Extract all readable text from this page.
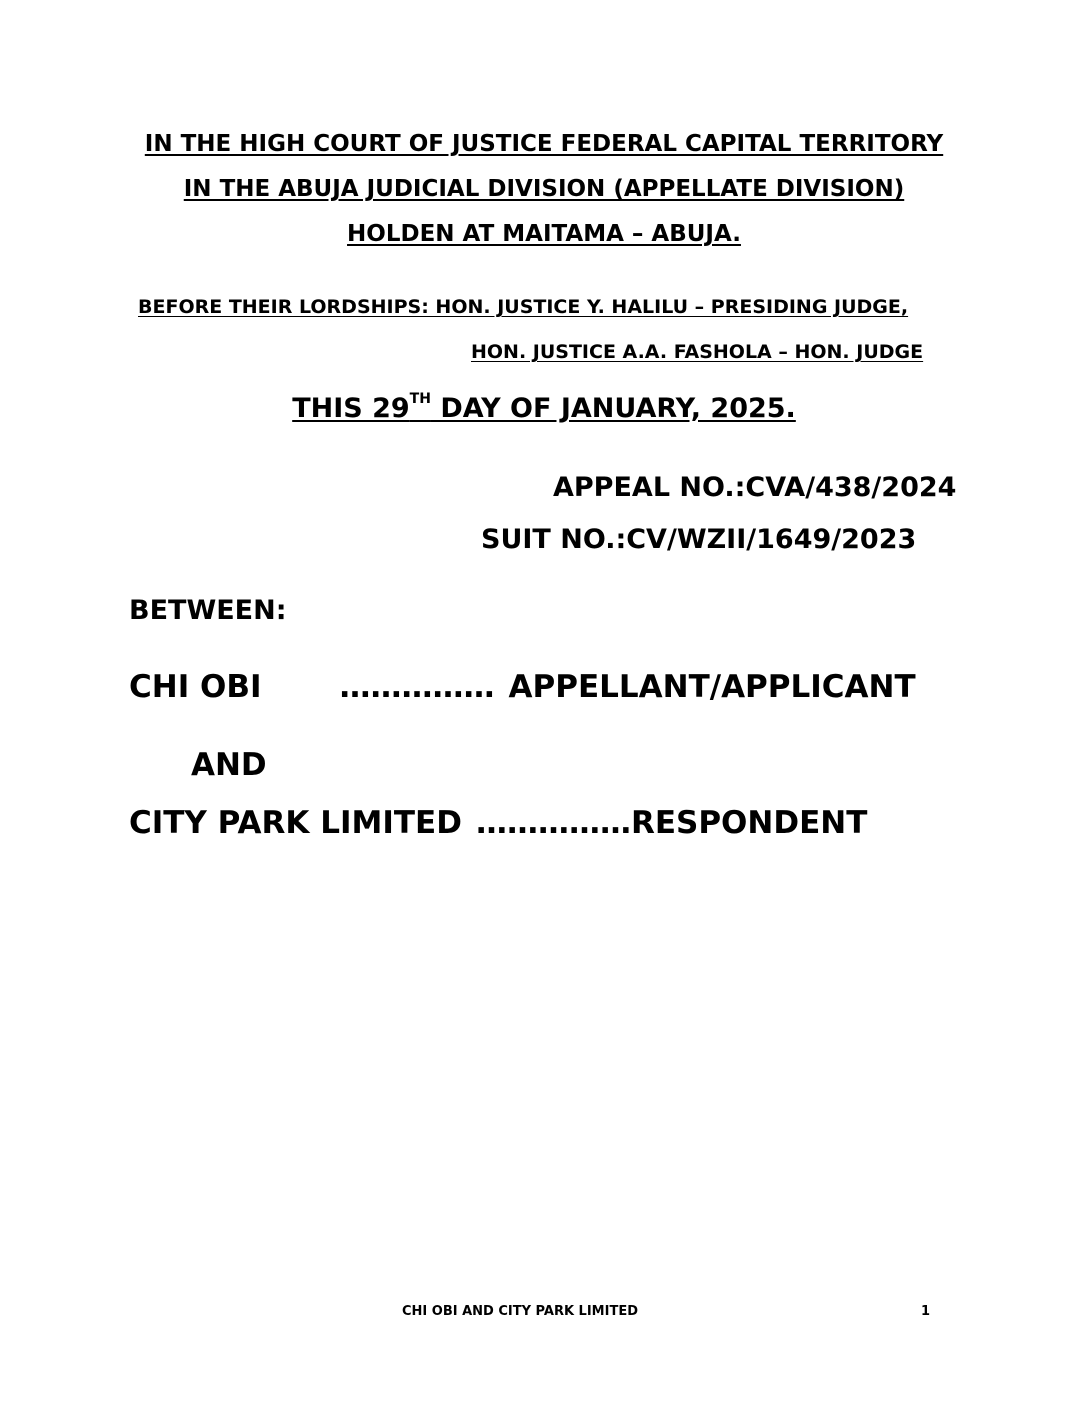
IN THE HIGH COURT OF JUSTICE FEDERAL CAPITAL TERRITORY
IN THE ABUJA JUDICIAL DIVISION (APPELLATE DIVISION)
HOLDEN AT MAITAMA – ABUJA.
BEFORE THEIR LORDSHIPS: HON. JUSTICE Y. HALILU – PRESIDING JUDGE,
HON. JUSTICE A.A. FASHOLA – HON. JUDGE
THIS 29TH DAY OF JANUARY, 2025.
APPEAL NO.:CVA/438/2024
SUIT NO.:CV/WZII/1649/2023
BETWEEN:
CHI OBI	…………… APPELLANT/APPLICANT
AND
CITY PARK LIMITED ……………RESPONDENT
CHI OBI AND CITY PARK LIMITED	1
